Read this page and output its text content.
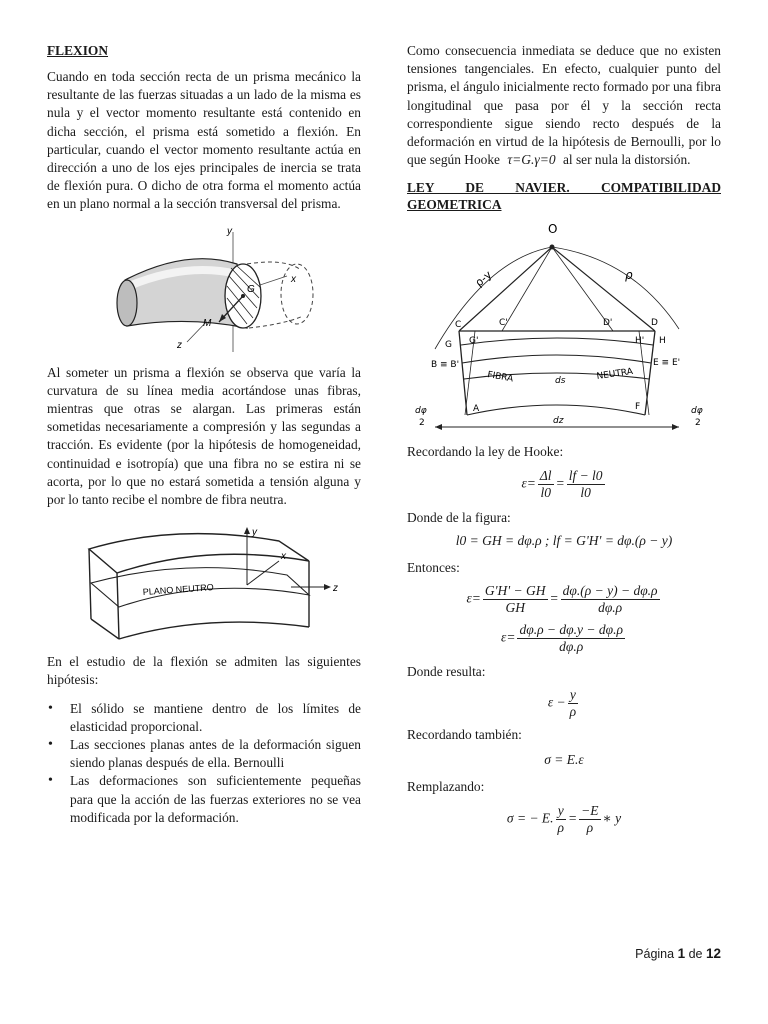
FLEXION

Cuando en toda sección recta de un prisma mecánico la resultante de las fuerzas situadas a un lado de la misma es nula y el vector momento resultante está contenido en dicha sección, el prisma está sometido a flexión. En particular, cuando el vector momento resultante actúa en dirección a uno de los ejes principales de inercia se trata de flexión pura. O dicho de otra forma el momento actúa en un plano normal a la sección transversal del prisma.

y
x
z
G
M

Al someter un prisma a flexión se observa que varía la curvatura de su línea media acortándose unas fibras, mientras que otras se alargan. Las primeras están sometidas necesariamente a compresión y las segundas a tracción. Es evidente (por la hipótesis de homogeneidad, continuidad e isotropía) que una fibra no se estira ni se acorta, por lo que no estará sometida a tensión alguna y por lo tanto recibe el nombre de fibra neutra.

y
x
z
PLANO NEUTRO

En el estudio de la flexión se admiten las siguientes hipótesis:

• El sólido se mantiene dentro de los límites de elasticidad proporcional.
• Las secciones planas antes de la deformación siguen siendo planas después de ella. Bernoulli
• Las deformaciones son suficientemente pequeñas para que la acción de las fuerzas exteriores no se vea modificada por la deformación.

Como consecuencia inmediata se deduce que no existen tensiones tangenciales. En efecto, cualquier punto del prisma, el ángulo inicialmente recto formado por una fibra longitudinal que pasa por él y la sección recta correspondiente sigue siendo recto después de la deformación en virtud de la hipótesis de Bernoulli, por lo que según Hooke τ=G.γ=0 al ser nula la distorsión.

LEY DE NAVIER. COMPATIBILIDAD GEOMETRICA

O
ρ-y	ρ
C	C'	D'	D
G G'	H' H
B ≡ B'	E ≡ E'
FIBRA	ds	NEUTRA
A	F
dz
dφ
2
dφ
2

Recordando la ley de Hooke:

$\varepsilon= \frac{\Delta l}{l0} = \frac{lf - l0}{l0}$

Donde de la figura:

l0 = GH = dφ.ρ ; lf = G'H' = dφ.(ρ − y)

Entonces:

$\varepsilon= \frac{G'H' - GH}{GH} = \frac{d\varphi.(\rho - y) - d\varphi.\rho}{d\varphi.\rho}$
$\varepsilon= \frac{d\varphi.\rho - d\varphi.y - d\varphi.\rho}{d\varphi.\rho}$

Donde resulta:

$\varepsilon - \frac{y}{\rho}$

Recordando también:

σ = E.ε

Remplazando:

σ = − E. $\frac{y}{\rho} = \frac{-E}{\rho}$ ∗ y
Página 1 de 12
